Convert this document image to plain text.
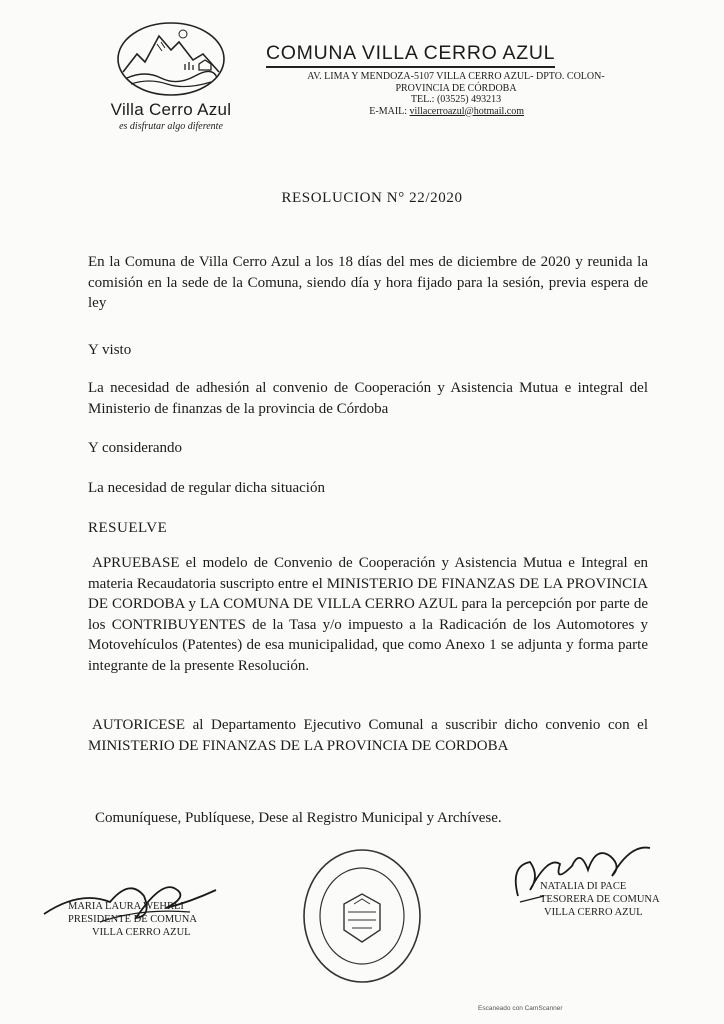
Villa Cerro Azul
es disfrutar algo diferente
COMUNA VILLA CERRO AZUL
AV. LIMA Y MENDOZA-5107 VILLA CERRO AZUL- DPTO. COLON-
PROVINCIA DE CÓRDOBA
TEL.: (03525) 493213
E-MAIL: villacerroazul@hotmail.com
RESOLUCION N° 22/2020
En la Comuna de Villa Cerro Azul a los 18 días del mes de diciembre de 2020 y reunida la comisión en la sede de la Comuna, siendo día y hora fijado para la sesión, previa espera de ley
Y visto
La necesidad de adhesión al convenio de Cooperación y Asistencia Mutua e integral del Ministerio de finanzas de la provincia de Córdoba
Y considerando
La necesidad de regular dicha situación
RESUELVE
APRUEBASE el modelo de Convenio de Cooperación y Asistencia Mutua e Integral en materia Recaudatoria suscripto entre el MINISTERIO DE FINANZAS DE LA PROVINCIA DE CORDOBA y LA COMUNA DE VILLA CERRO AZUL para la percepción por parte de los CONTRIBUYENTES de la Tasa y/o impuesto a la Radicación de los Automotores y Motovehículos (Patentes) de esa municipalidad, que como Anexo 1 se adjunta y forma parte integrante de la presente Resolución.
AUTORICESE al Departamento Ejecutivo Comunal a suscribir dicho convenio con el MINISTERIO DE FINANZAS DE LA PROVINCIA DE CORDOBA
Comuníquese, Publíquese, Dese al Registro Municipal y Archívese.
MARIA LAURA WEHRLI
PRESIDENTE DE COMUNA
VILLA CERRO AZUL
NATALIA DI PACE
TESORERA DE COMUNA
VILLA CERRO AZUL
Escaneado con CamScanner
